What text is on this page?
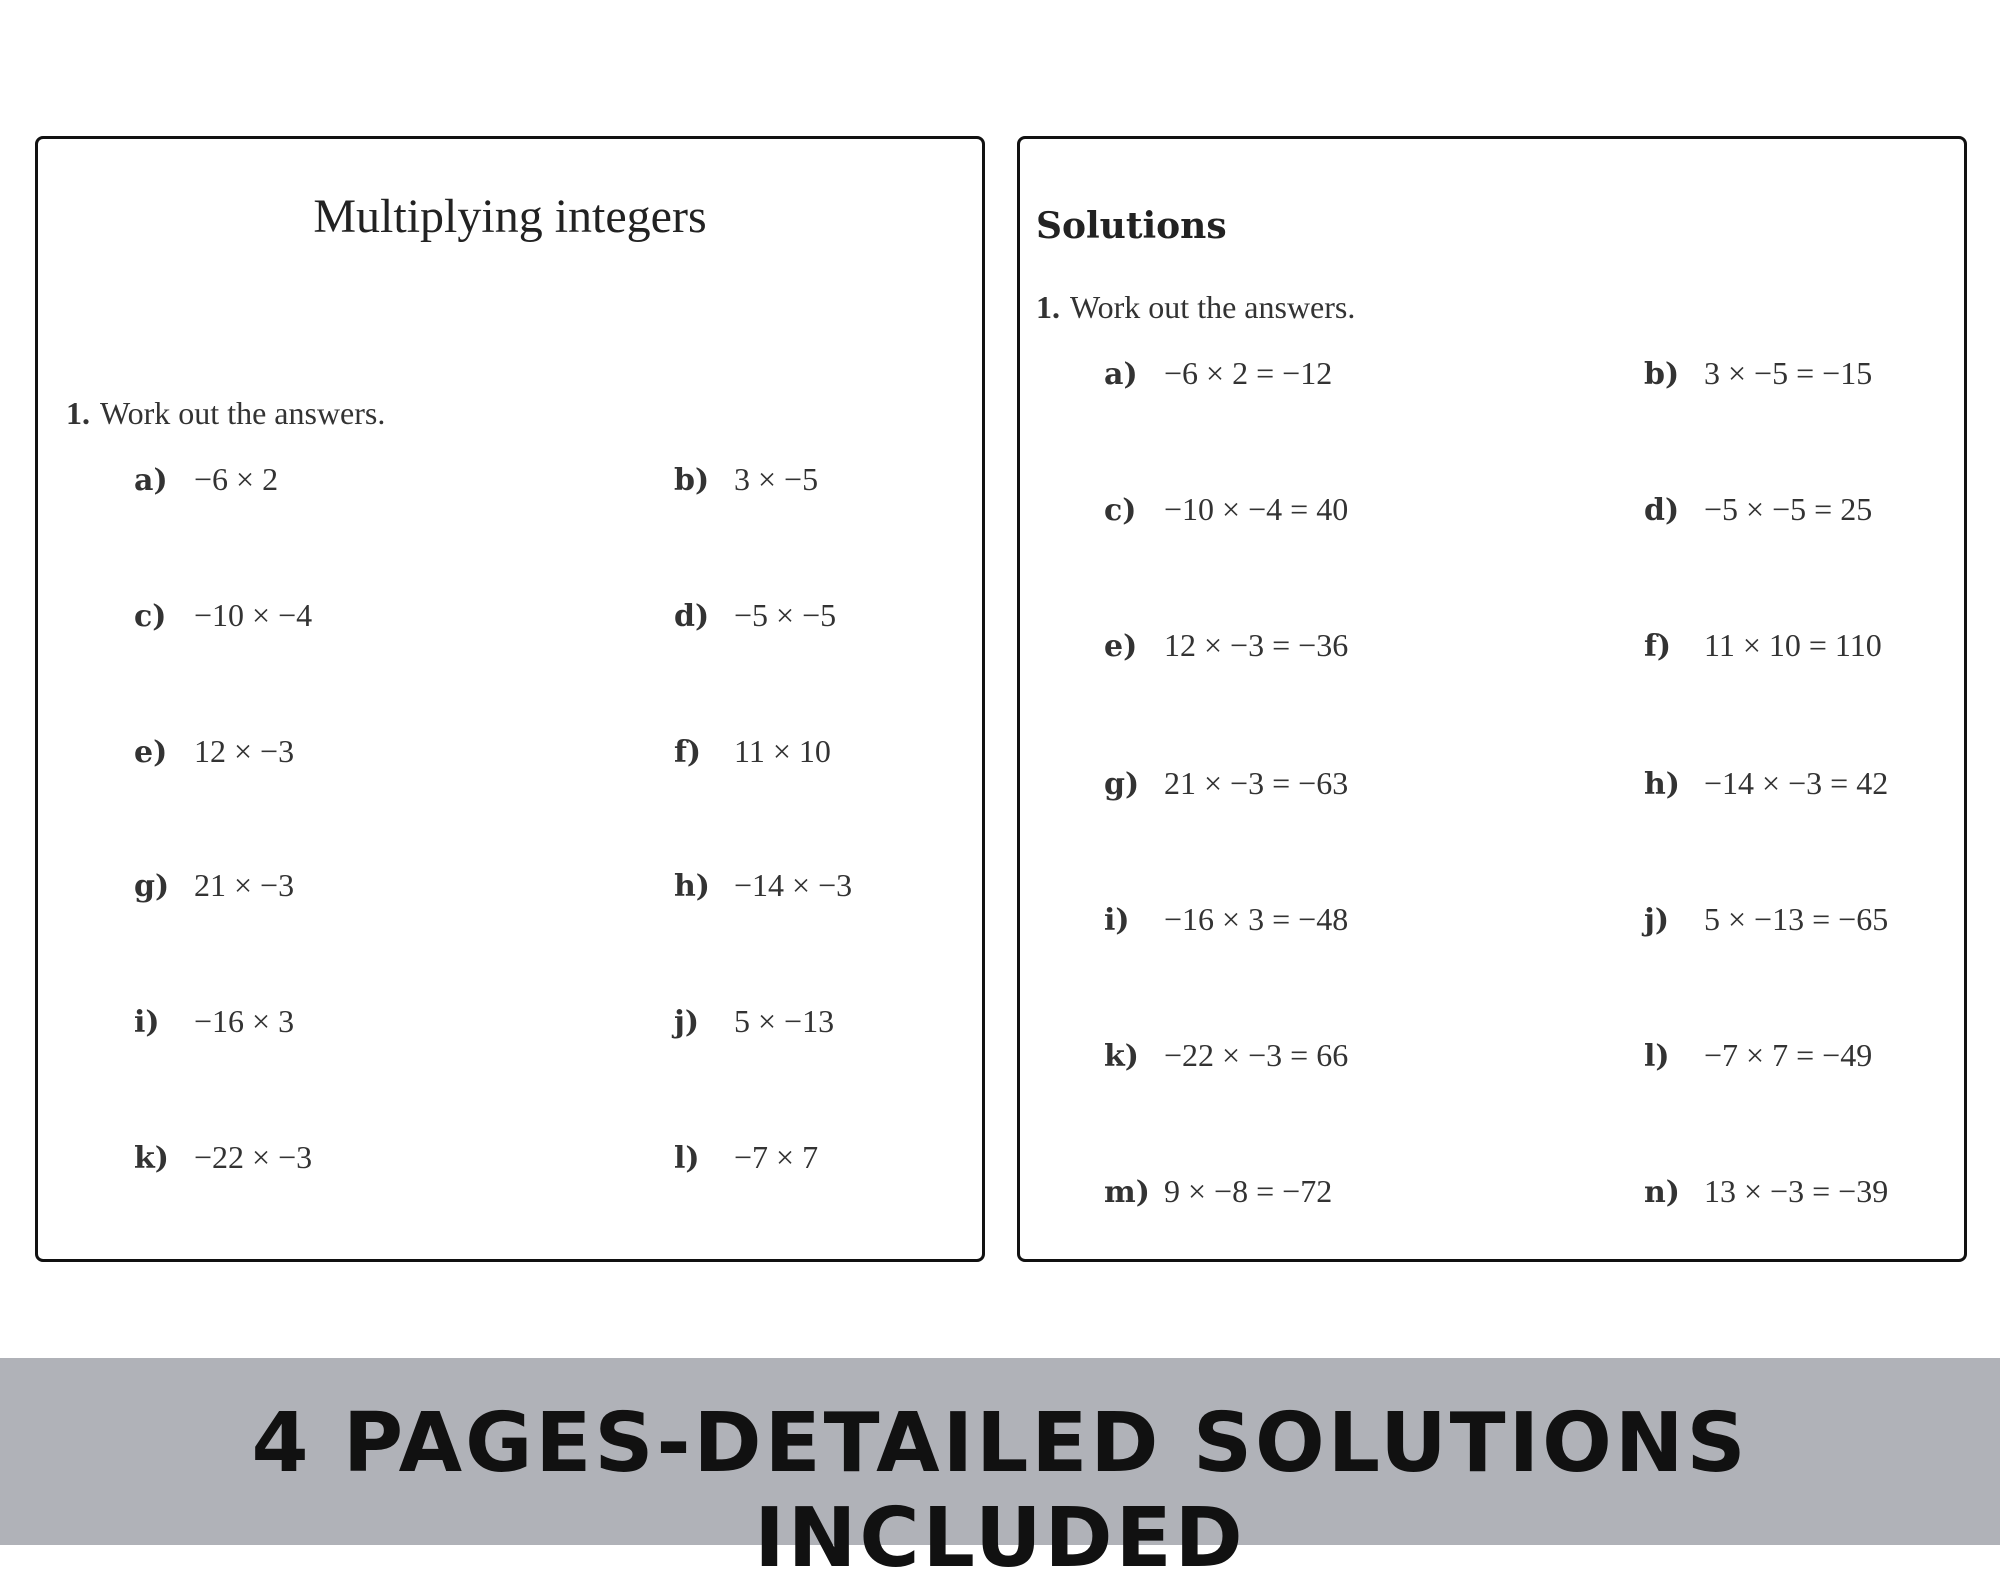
Multiplying integers
1. Work out the answers.
a) −6 × 2	b) 3 × −5
c) −10 × −4	d) −5 × −5
e) 12 × −3	f) 11 × 10
g) 21 × −3	h) −14 × −3
i) −16 × 3	j) 5 × −13
k) −22 × −3	l) −7 × 7
Solutions
1. Work out the answers.
a) −6 × 2 = −12	b) 3 × −5 = −15
c) −10 × −4 = 40	d) −5 × −5 = 25
e) 12 × −3 = −36	f) 11 × 10 = 110
g) 21 × −3 = −63	h) −14 × −3 = 42
i) −16 × 3 = −48	j) 5 × −13 = −65
k) −22 × −3 = 66	l) −7 × 7 = −49
m) 9 × −8 = −72	n) 13 × −3 = −39
4 PAGES-DETAILED SOLUTIONS INCLUDED
